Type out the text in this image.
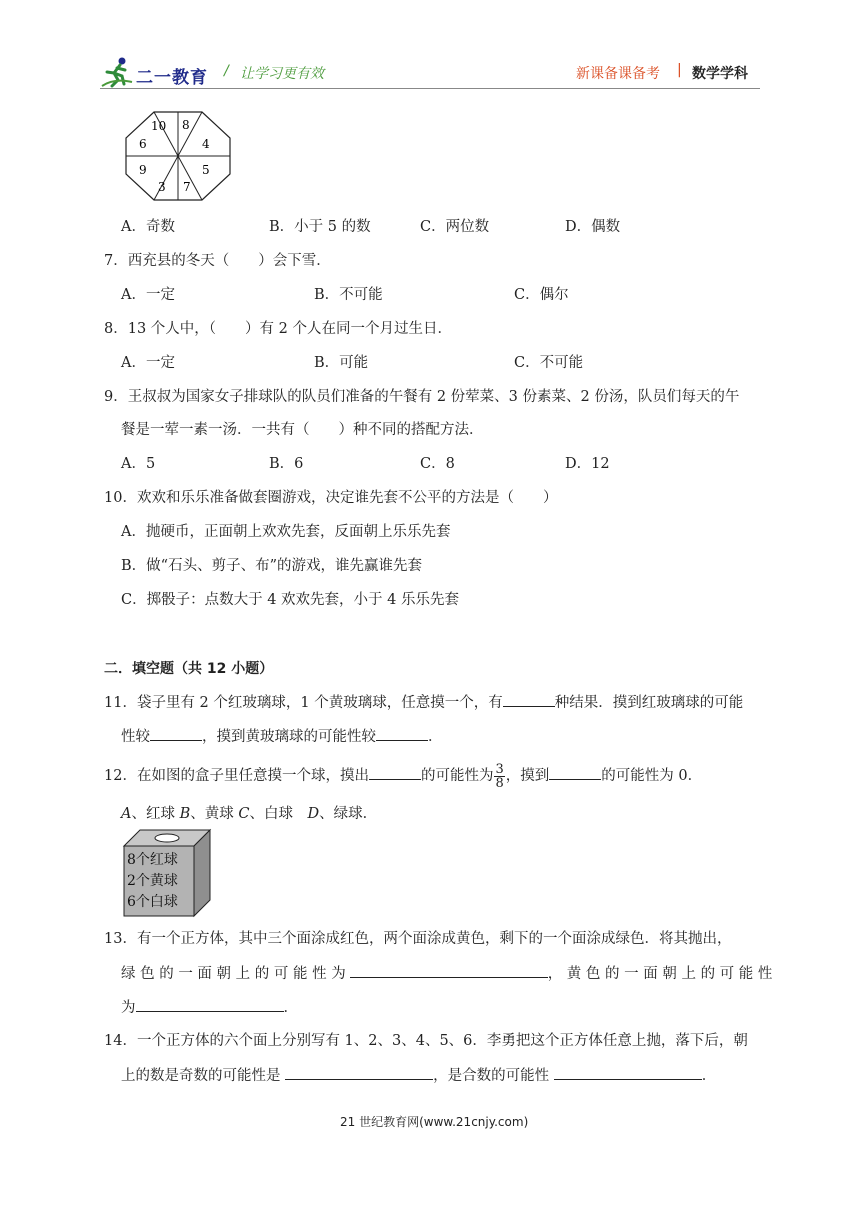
二一教育 / 让学习更有效	新课备课备考 | 数学学科
10 8
4
5
7
3
9
6
A．奇数	B．小于 5 的数	C．两位数	D．偶数
7．西充县的冬天（　　）会下雪．
A．一定	B．不可能	C．偶尔
8．13 个人中，（　　）有 2 个人在同一个月过生日．
A．一定	B．可能	C．不可能
9．王叔叔为国家女子排球队的队员们准备的午餐有 2 份荤菜、3 份素菜、2 份汤，队员们每天的午
餐是一荤一素一汤．一共有（　　）种不同的搭配方法．
A．5	B．6	C．8	D．12
10．欢欢和乐乐准备做套圈游戏，决定谁先套不公平的方法是（　　）
A．抛硬币，正面朝上欢欢先套，反面朝上乐乐先套
B．做“石头、剪子、布”的游戏，谁先赢谁先套
C．掷骰子：点数大于 4 欢欢先套，小于 4 乐乐先套
二．填空题（共 12 小题）
11．袋子里有 2 个红玻璃球，1 个黄玻璃球，任意摸一个，有	种结果．摸到红玻璃球的可能
性较	，摸到黄玻璃球的可能性较	．
12．在如图的盒子里任意摸一个球，摸出	的可能性为 $\frac{3}{8}$ ，摸到	的可能性为 0．
A、红球 B、黄球 C、白球　D、绿球．
8个红球
2个黄球
6个白球
13．有一个正方体，其中三个面涂成红色，两个面涂成黄色，剩下的一个面涂成绿色．将其抛出，
绿 色 的 一 面 朝 上 的 可 能 性 为	， 黄 色 的 一 面 朝 上 的 可 能 性
为	．
14．一个正方体的六个面上分别写有 1、2、3、4、5、6．李勇把这个正方体任意上抛，落下后，朝
上的数是奇数的可能性是	，是合数的可能性	．
21 世纪教育网(www.21cnjy.com)
